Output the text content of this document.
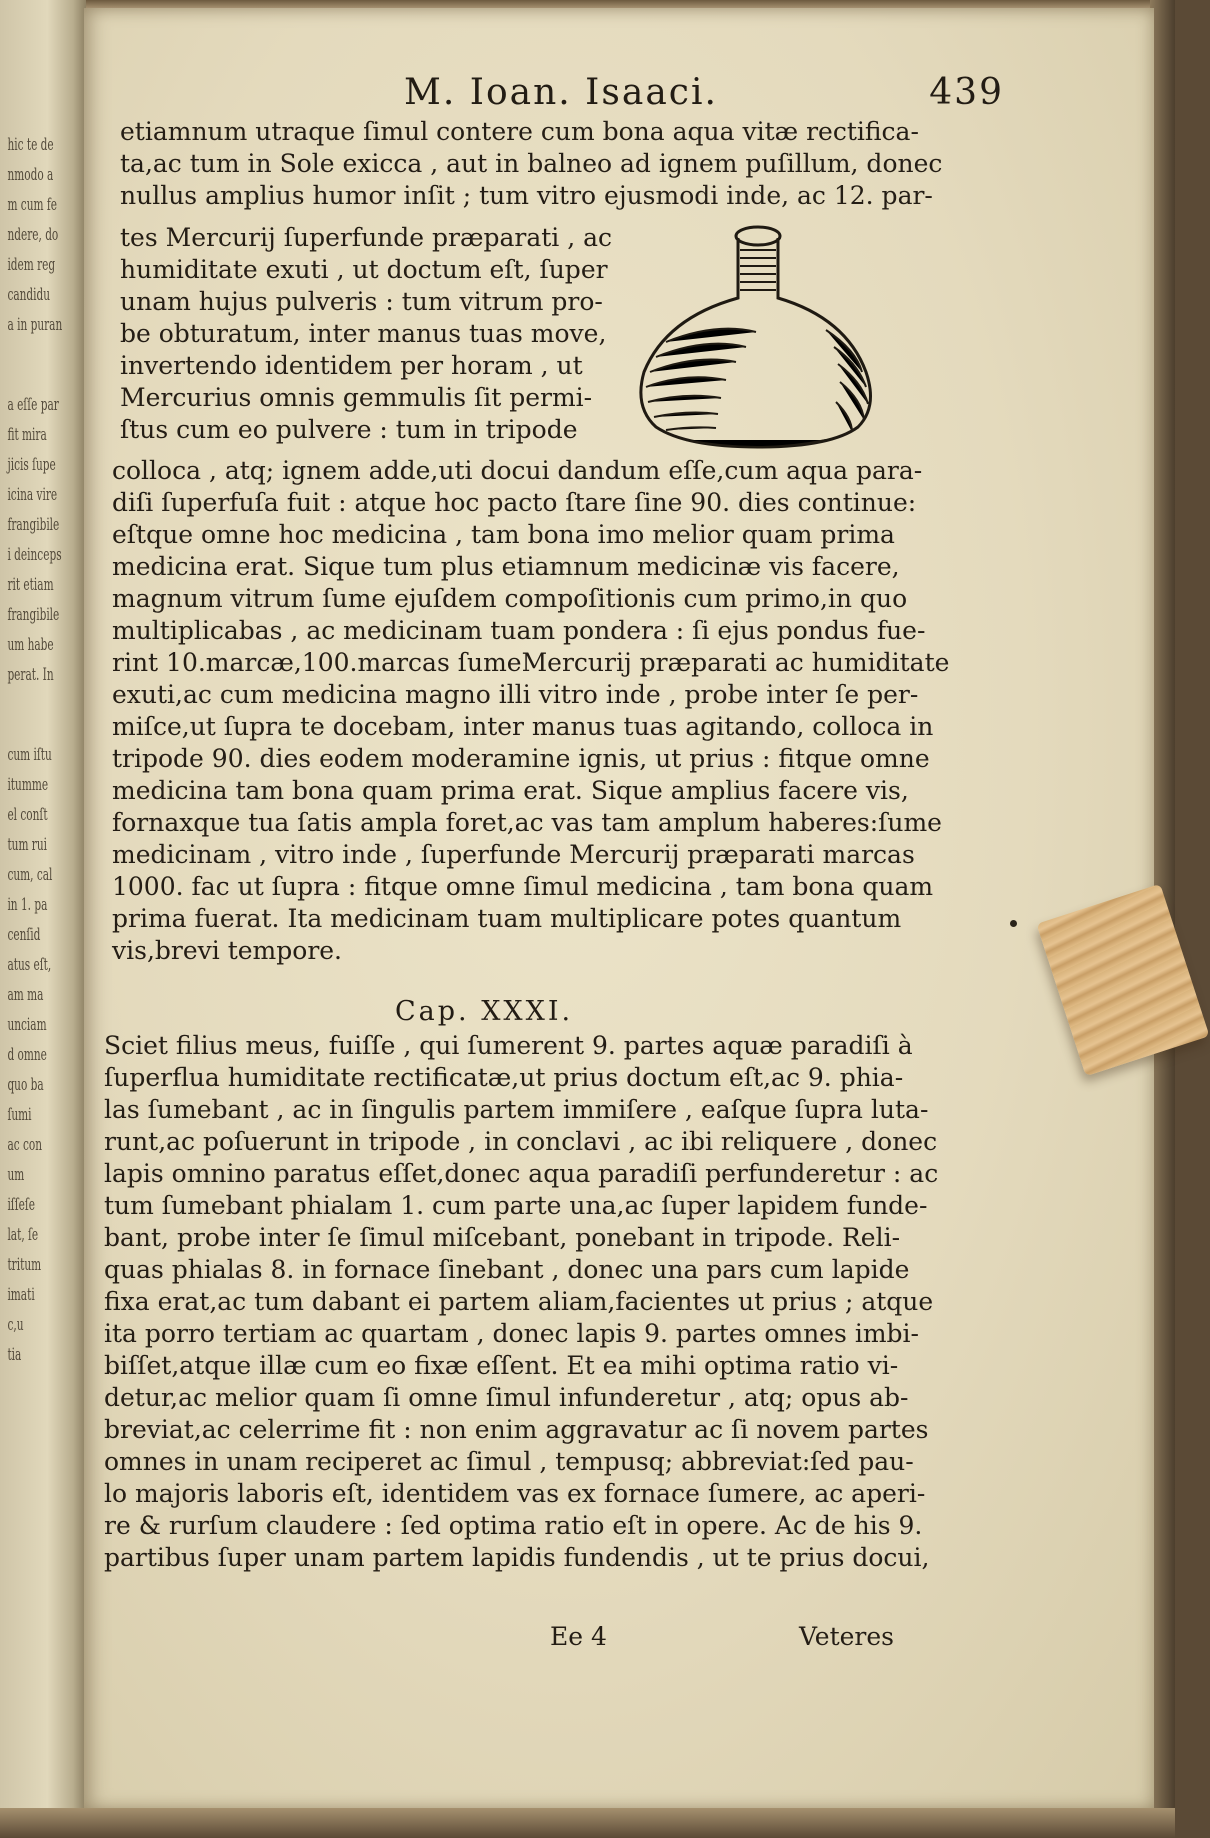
hic te de
nmodo a
m cum fe
ndere, do
idem reg
candidu
a in puran
a eſſe par
fit mira
jicis ſupe
icina vire
frangibile
i deinceps
rit etiam
frangibile
um habe
perat. In
cum iſtu
itumme
el conſt
tum rui
cum, cal
in 1. pa
cenſid
atus eſt,
am ma
unciam
d omne
quo ba
ſumi
ac con
um
iſſeſe
lat, ſe
tritum
imati
c,u
tia
M. Ioan. Isaaci.	439
etiamnum utraque ſimul contere cum bona aqua vitæ rectifica-
ta,ac tum in Sole exicca , aut in balneo ad ignem puſillum, donec
nullus amplius humor inſit ; tum vitro ejusmodi inde, ac 12. par-
tes Mercurij ſuperfunde præparati , ac
humiditate exuti , ut doctum eſt, ſuper
unam hujus pulveris : tum vitrum pro-
be obturatum, inter manus tuas move,
invertendo identidem per horam , ut
Mercurius omnis gemmulis ſit permi-
ſtus cum eo pulvere : tum in tripode
colloca , atq; ignem adde,uti docui dandum eſſe,cum aqua para-
diſi ſuperfuſa fuit : atque hoc pacto ſtare ſine 90. dies continue:
eſtque omne hoc medicina , tam bona imo melior quam prima
medicina erat. Sique tum plus etiamnum medicinæ vis facere,
magnum vitrum ſume ejuſdem compoſitionis cum primo,in quo
multiplicabas , ac medicinam tuam pondera : ſi ejus pondus fue-
rint 10.marcæ,100.marcas ſumeMercurij præparati ac humiditate
exuti,ac cum medicina magno illi vitro inde , probe inter ſe per-
miſce,ut ſupra te docebam, inter manus tuas agitando, colloca in
tripode 90. dies eodem moderamine ignis, ut prius : fitque omne
medicina tam bona quam prima erat. Sique amplius facere vis,
fornaxque tua ſatis ampla foret,ac vas tam amplum haberes:ſume
medicinam , vitro inde , ſuperfunde Mercurij præparati marcas
1000. fac ut ſupra : fitque omne ſimul medicina , tam bona quam
prima fuerat. Ita medicinam tuam multiplicare potes quantum
vis,brevi tempore.
Cap. XXXI.
Sciet filius meus, fuiſſe , qui ſumerent 9. partes aquæ paradiſi à
ſuperflua humiditate rectificatæ,ut prius doctum eſt,ac 9. phia-
las ſumebant , ac in ſingulis partem immiſere , eaſque ſupra luta-
runt,ac poſuerunt in tripode , in conclavi , ac ibi reliquere , donec
lapis omnino paratus eſſet,donec aqua paradiſi perfunderetur : ac
tum ſumebant phialam 1. cum parte una,ac ſuper lapidem funde-
bant, probe inter ſe ſimul miſcebant, ponebant in tripode. Reli-
quas phialas 8. in fornace ſinebant , donec una pars cum lapide
fixa erat,ac tum dabant ei partem aliam,facientes ut prius ; atque
ita porro tertiam ac quartam , donec lapis 9. partes omnes imbi-
biſſet,atque illæ cum eo fixæ eſſent. Et ea mihi optima ratio vi-
detur,ac melior quam ſi omne ſimul infunderetur , atq; opus ab-
breviat,ac celerrime fit : non enim aggravatur ac ſi novem partes
omnes in unam reciperet ac ſimul , tempusq; abbreviat:ſed pau-
lo majoris laboris eſt, identidem vas ex fornace ſumere, ac aperi-
re & rurſum claudere : ſed optima ratio eſt in opere. Ac de his 9.
partibus ſuper unam partem lapidis fundendis , ut te prius docui,
Ee 4	Veteres
